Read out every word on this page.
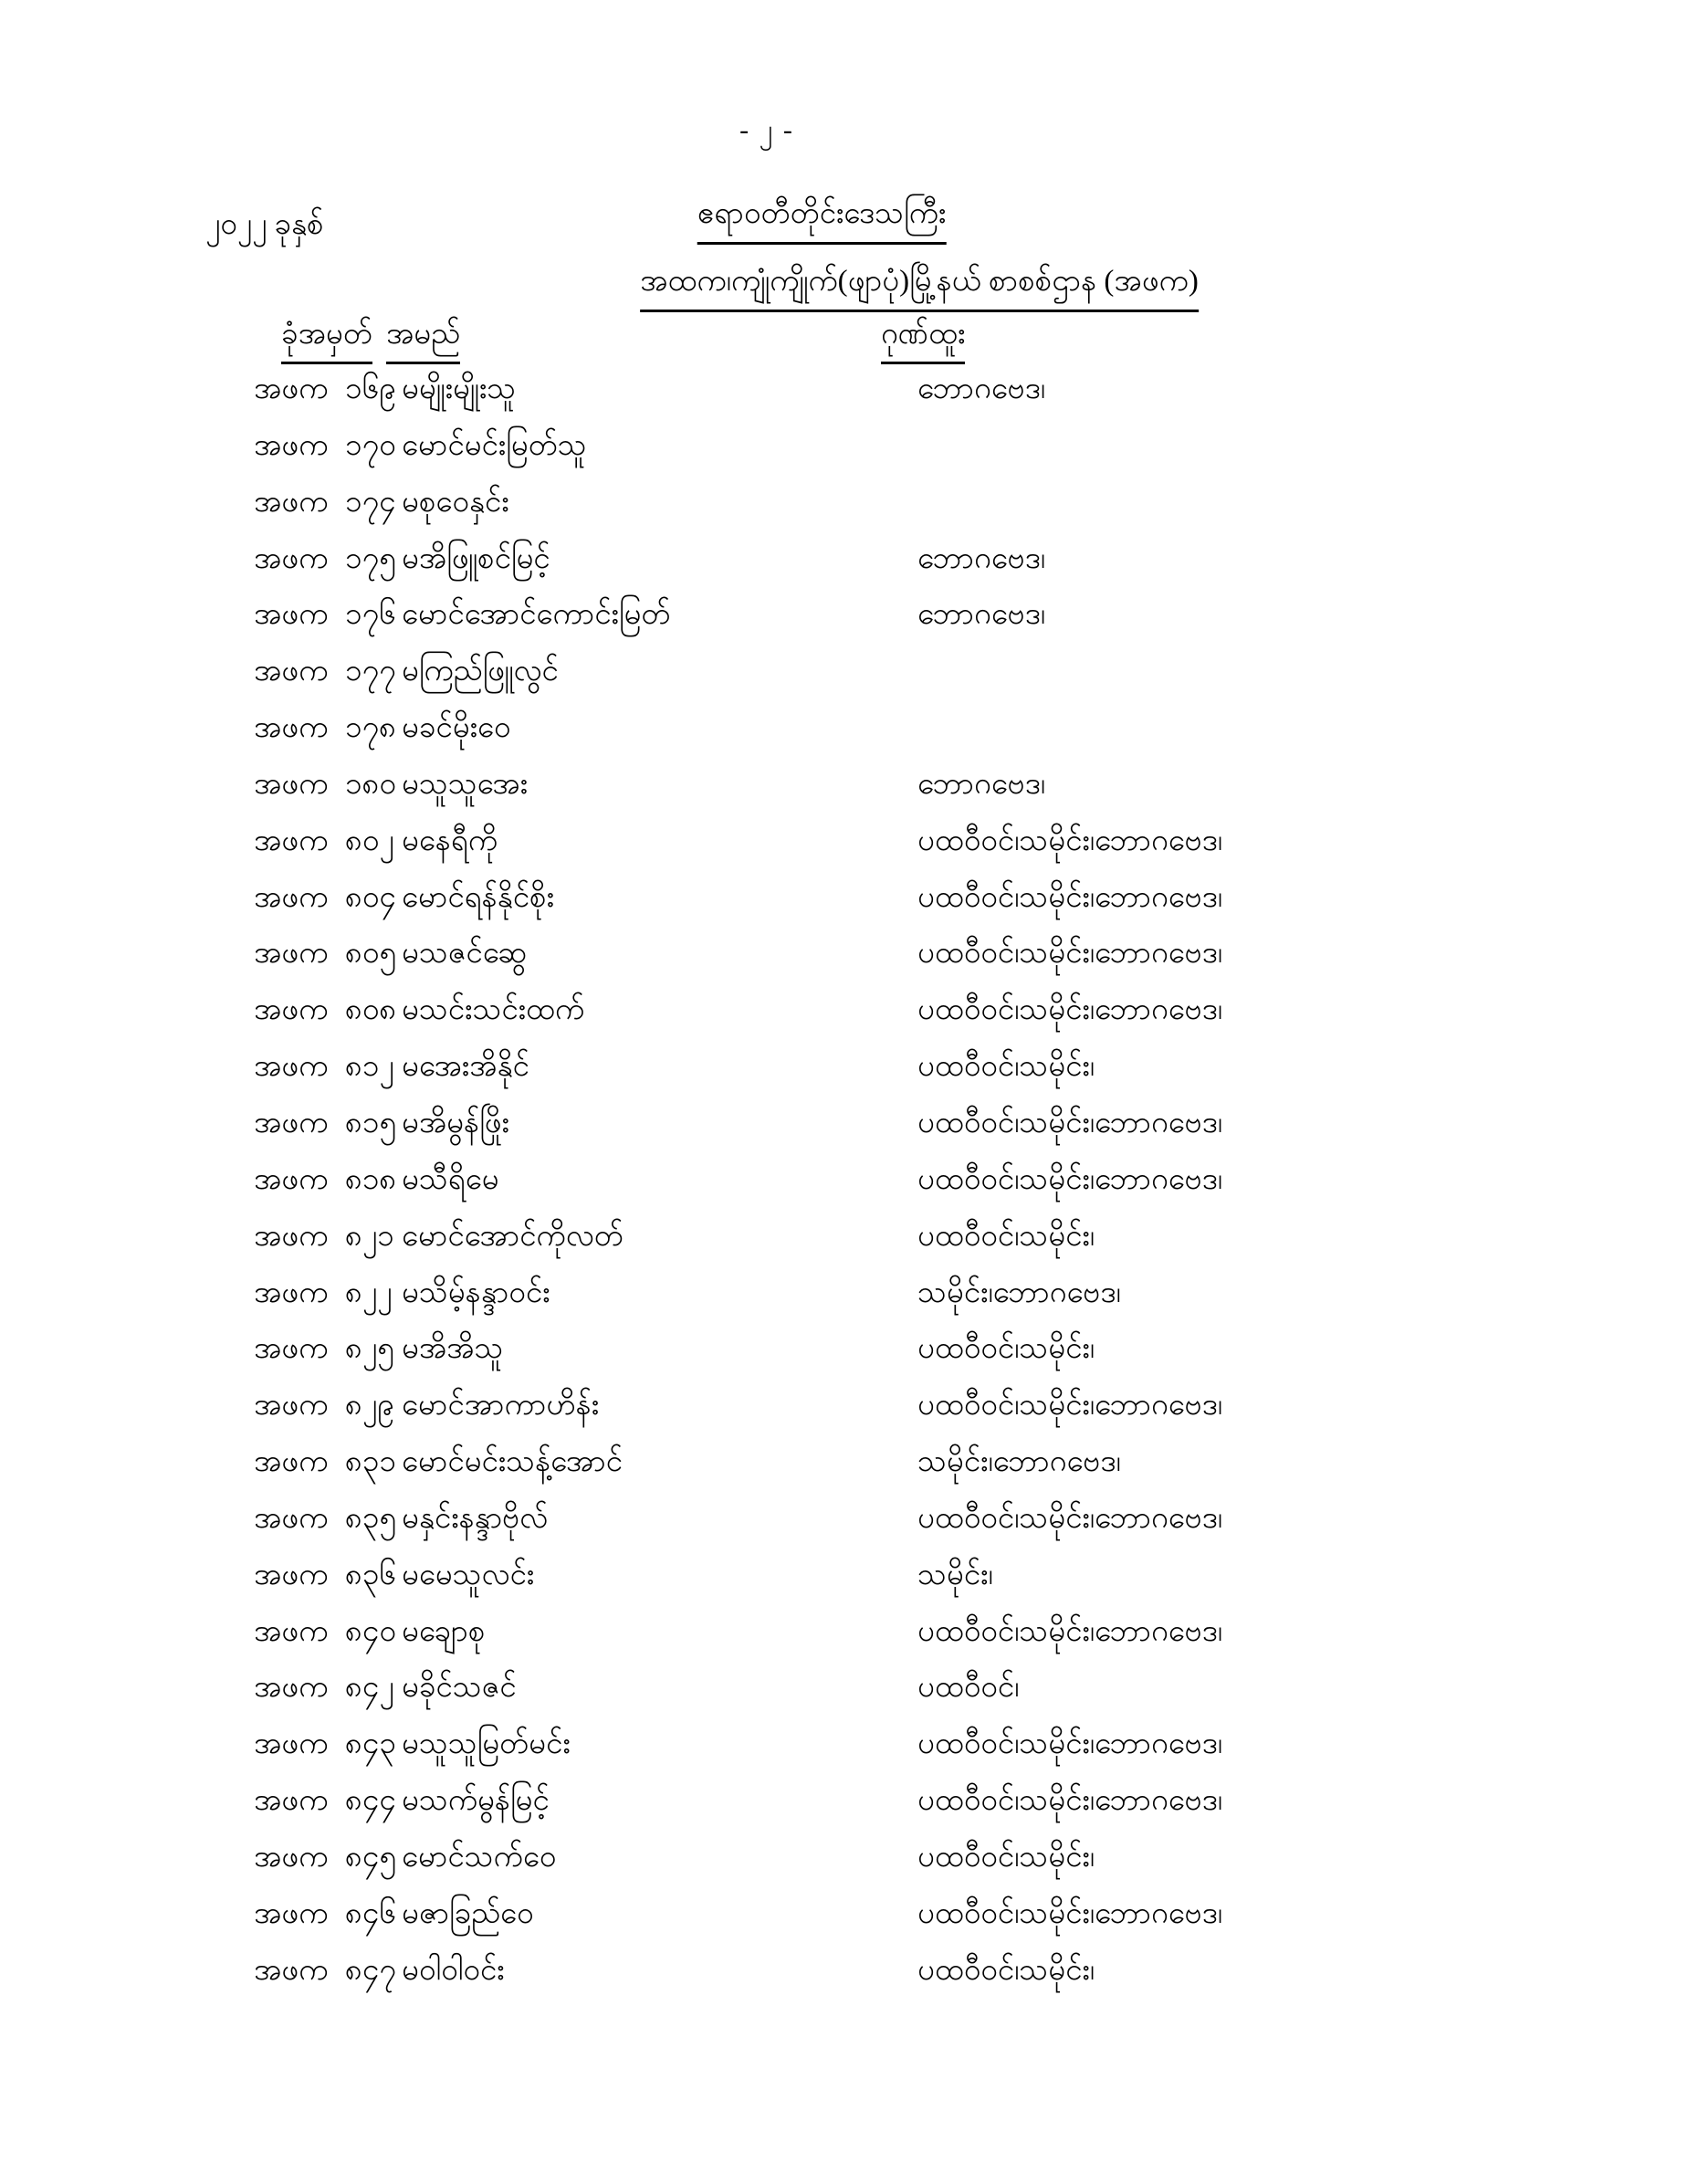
- ၂ -
၂၀၂၂ ခုနှစ်	ဧရာဝတီတိုင်းဒေသကြီး
အထက၊ကျုံကျိုက်(ဖျာပုံ)မြို့နယ် စာစစ်ဌာန (အဖက)
ခုံအမှတ် အမည်	ဂုဏ်ထူး
အဖက ၁၆၉ မမျိုးမျိုးသူ	ဘောဂဗေဒ၊
အဖက ၁၇၀ မောင်မင်းမြတ်သူ
အဖက ၁၇၄ မစုဝေနှင်း
အဖက ၁၇၅ မအိဖြူစင်မြင့်	ဘောဂဗေဒ၊
အဖက ၁၇၆ မောင်အောင်ကောင်းမြတ်	ဘောဂဗေဒ၊
အဖက ၁၇၇ မကြည်ဖြူလွင်
အဖက ၁၇၈ မခင်မိုးဝေ
အဖက ၁၈၀ မသူသူအေး	ဘောဂဗေဒ၊
အဖက ၈၀၂ မနေရီကို	ပထဝီဝင်၊သမိုင်း၊ဘောဂဗေဒ၊
အဖက ၈၀၄ မောင်ရန်နိုင်စိုး	ပထဝီဝင်၊သမိုင်း၊ဘောဂဗေဒ၊
အဖက ၈၀၅ မသဇင်ဆွေ	ပထဝီဝင်၊သမိုင်း၊ဘောဂဗေဒ၊
အဖက ၈၀၈ မသင်းသင်းထက်	ပထဝီဝင်၊သမိုင်း၊ဘောဂဗေဒ၊
အဖက ၈၁၂ မအေးအိနိုင်	ပထဝီဝင်၊သမိုင်း၊
အဖက ၈၁၅ မအိမွန်ဖြိုး	ပထဝီဝင်၊သမိုင်း၊ဘောဂဗေဒ၊
အဖက ၈၁၈ မသီရိမေ	ပထဝီဝင်၊သမိုင်း၊ဘောဂဗေဒ၊
အဖက ၈၂၁ မောင်အောင်ကိုလတ်	ပထဝီဝင်၊သမိုင်း၊
အဖက ၈၂၂ မသိမ့်နန္ဒာဝင်း	သမိုင်း၊ဘောဂဗေဒ၊
အဖက ၈၂၅ မအိအိသူ	ပထဝီဝင်၊သမိုင်း၊
အဖက ၈၂၉ မောင်အာကာဟိန်း	ပထဝီဝင်၊သမိုင်း၊ဘောဂဗေဒ၊
အဖက ၈၃၁ မောင်မင်းသန့်အောင်	သမိုင်း၊ဘောဂဗေဒ၊
အဖက ၈၃၅ မနှင်းနန္ဒာဗိုလ်	ပထဝီဝင်၊သမိုင်း၊ဘောဂဗေဒ၊
အဖက ၈၃၆ မမေသူလင်း	သမိုင်း၊
အဖက ၈၄၀ မချောစု	ပထဝီဝင်၊သမိုင်း၊ဘောဂဗေဒ၊
အဖက ၈၄၂ မခိုင်သဇင်	ပထဝီဝင်၊
အဖက ၈၄၃ မသူသူမြတ်မင်း	ပထဝီဝင်၊သမိုင်း၊ဘောဂဗေဒ၊
အဖက ၈၄၄ မသက်မွန်မြင့်	ပထဝီဝင်၊သမိုင်း၊ဘောဂဗေဒ၊
အဖက ၈၄၅ မောင်သက်ဝေ	ပထဝီဝင်၊သမိုင်း၊
အဖက ၈၄၆ မဇာခြည်ဝေ	ပထဝီဝင်၊သမိုင်း၊ဘောဂဗေဒ၊
အဖက ၈၄၇ မဝါဝါဝင်း	ပထဝီဝင်၊သမိုင်း၊
